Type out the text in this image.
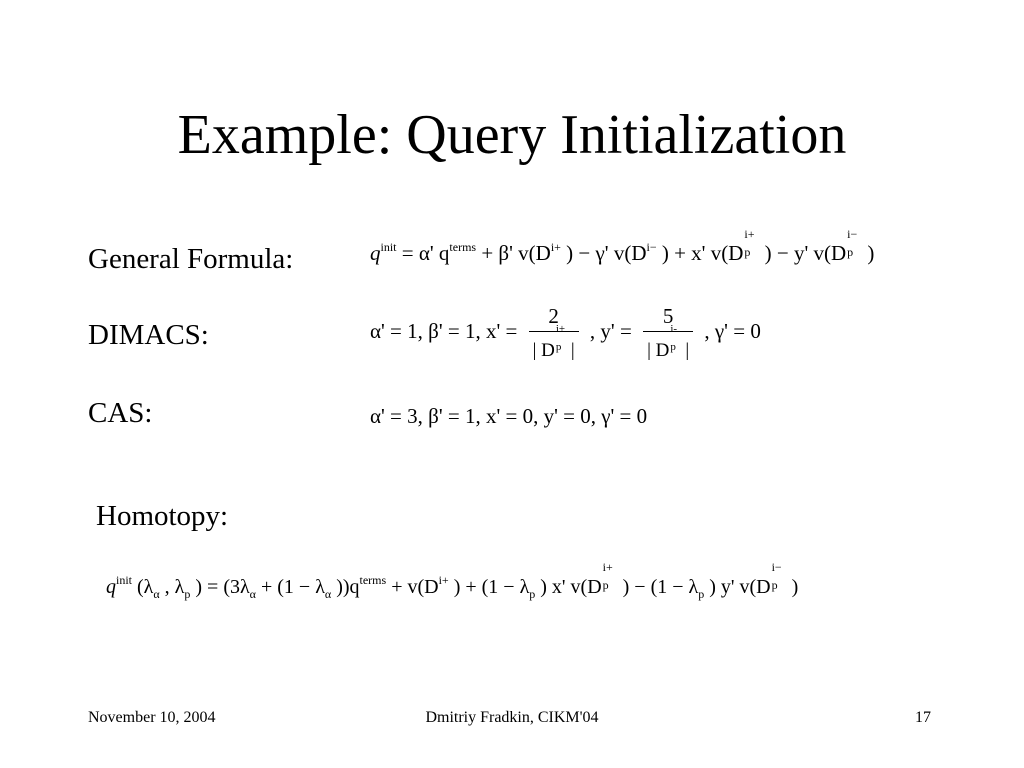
Example: Query Initialization
General Formula:	$q^{init} = \alpha'$ $q^{terms} + \beta'$ $v(D^{i+}$ ) − γ' $v(D^{i-}$ ) + x' v(D
i+
p ) − y' v(D
i−
p )
DIMACS:	α' = 1, β' = 1, x' = 2
| D
i+
p | , y' = 5
| D
i-
p | , γ' = 0
CAS:	α' = 3, β' = 1, x' = 0, y' = 0, γ' = 0
Homotopy:
$q^{init}$ ($\lambda_\alpha$ , $\lambda_p$ ) = ($3\lambda_\alpha + (1 - \lambda_\alpha$ ))$q^{terms} + v(D^{i+}$ ) + ($1 - \lambda_p$ ) x' v(D
i+
p ) − ($1 - \lambda_p$ ) y' v(D
i−
p )
November 10, 2004	Dmitriy Fradkin, CIKM'04	17
